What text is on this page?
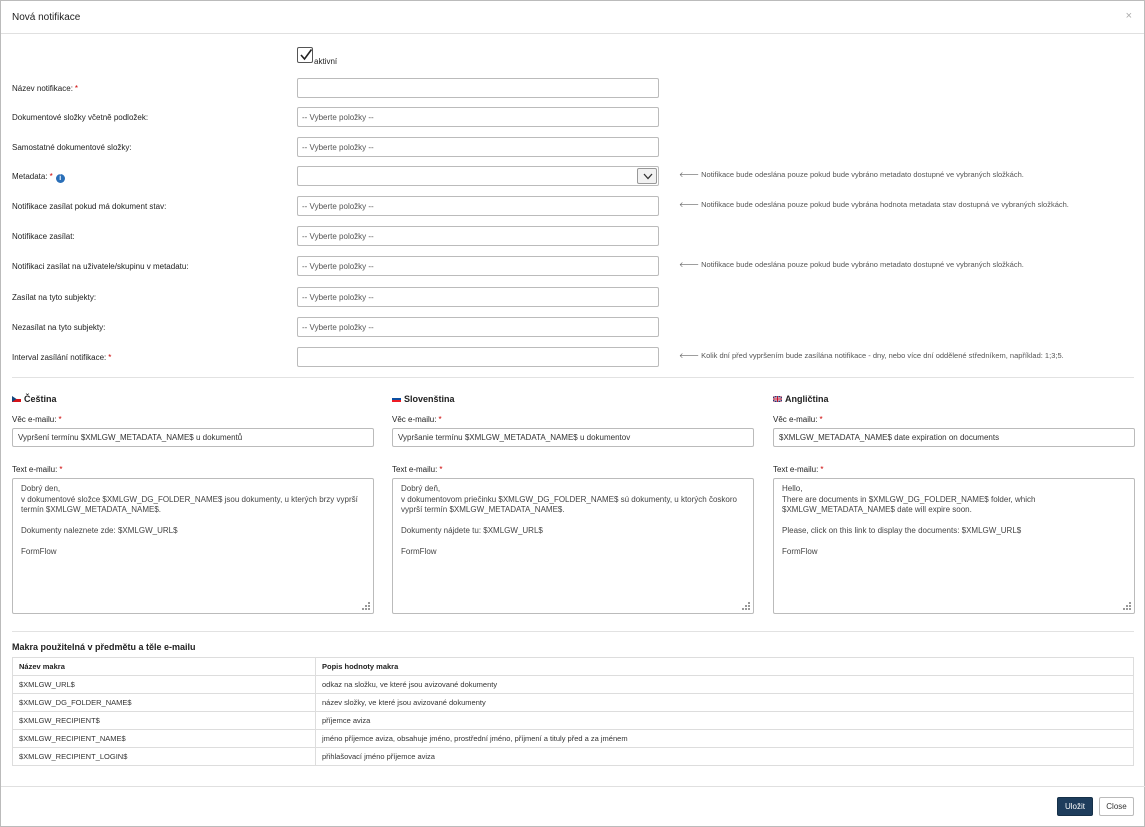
Nová notifikace	×
aktivní
Název notifikace: *
Dokumentové složky včetně podložek:	-- Vyberte položky --
Samostatné dokumentové složky:	-- Vyberte položky --
Metadata: * i	🡐 Notifikace bude odeslána pouze pokud bude vybráno metadato dostupné ve vybraných složkách.
Notifikace zasílat pokud má dokument stav:	-- Vyberte položky --	🡐 Notifikace bude odeslána pouze pokud bude vybrána hodnota metadata stav dostupná ve vybraných složkách.
Notifikace zasílat:	-- Vyberte položky --
Notifikaci zasílat na uživatele/skupinu v metadatu:	-- Vyberte položky --	🡐 Notifikace bude odeslána pouze pokud bude vybráno metadato dostupné ve vybraných složkách.
Zasílat na tyto subjekty:	-- Vyberte položky --
Nezasílat na tyto subjekty:	-- Vyberte položky --
Interval zasílání notifikace: *	🡐 Kolik dní před vypršením bude zasílána notifikace - dny, nebo více dní oddělené středníkem, například: 1;3;5.
Čeština
Věc e-mailu: *
Vypršení termínu $XMLGW_METADATA_NAME$ u dokumentů
Text e-mailu: *

Dobrý den,
v dokumentové složce $XMLGW_DG_FOLDER_NAME$ jsou dokumenty, u kterých brzy vyprší termín $XMLGW_METADATA_NAME$.

Dokumenty naleznete zde: $XMLGW_URL$

FormFlow

Slovenština
Věc e-mailu: *
Vypršanie termínu $XMLGW_METADATA_NAME$ u dokumentov
Text e-mailu: *

Dobrý deň,
v dokumentovom priečinku $XMLGW_DG_FOLDER_NAME$ sú dokumenty, u ktorých čoskoro vyprší termín $XMLGW_METADATA_NAME$.

Dokumenty nájdete tu: $XMLGW_URL$

FormFlow

Angličtina
Věc e-mailu: *
$XMLGW_METADATA_NAME$ date expiration on documents
Text e-mailu: *

Hello,
There are documents in $XMLGW_DG_FOLDER_NAME$ folder, which $XMLGW_METADATA_NAME$ date will expire soon.

Please, click on this link to display the documents: $XMLGW_URL$

FormFlow

Makra použitelná v předmětu a těle e-mailu
Název makra	Popis hodnoty makra
$XMLGW_URL$	odkaz na složku, ve které jsou avizované dokumenty
$XMLGW_DG_FOLDER_NAME$	název složky, ve které jsou avizované dokumenty
$XMLGW_RECIPIENT$	příjemce aviza
$XMLGW_RECIPIENT_NAME$	jméno příjemce aviza, obsahuje jméno, prostřední jméno, příjmení a tituly před a za jménem
$XMLGW_RECIPIENT_LOGIN$	přihlašovací jméno příjemce aviza
Uložit	Close
